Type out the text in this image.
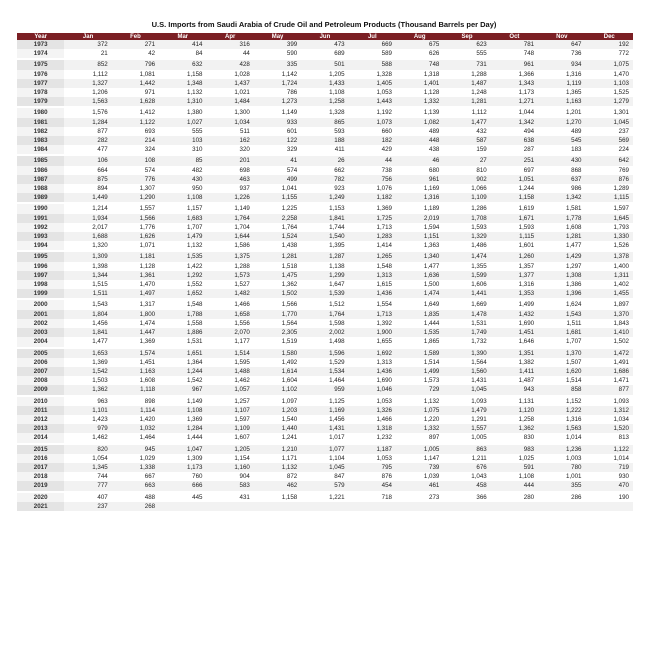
U.S. Imports from Saudi Arabia of Crude Oil and Petroleum Products (Thousand Barrels per Day)
Year	Jan	Feb	Mar	Apr	May	Jun	Jul	Aug	Sep	Oct	Nov	Dec
1973	372	271	414	316	399	473	669	675	623	781	647	192
1974	21	42	84	44	590	689	589	626	555	748	736	772
1975	852	796	632	428	335	501	588	748	731	961	934	1,075
1976	1,112	1,081	1,158	1,028	1,142	1,205	1,328	1,318	1,288	1,366	1,316	1,470
1977	1,327	1,442	1,348	1,437	1,724	1,433	1,405	1,401	1,487	1,343	1,119	1,103
1978	1,206	971	1,132	1,021	786	1,108	1,053	1,128	1,248	1,173	1,365	1,525
1979	1,563	1,628	1,310	1,484	1,273	1,258	1,443	1,332	1,281	1,271	1,163	1,279
1980	1,576	1,412	1,380	1,300	1,149	1,328	1,192	1,139	1,112	1,044	1,201	1,301
1981	1,284	1,122	1,027	1,034	933	865	1,073	1,082	1,477	1,342	1,270	1,045
1982	877	693	555	511	601	593	660	489	432	494	489	237
1983	282	214	103	162	122	188	182	448	587	638	545	569
1984	477	324	310	320	329	411	429	438	159	287	183	224
1985	106	108	85	201	41	26	44	46	27	251	430	642
1986	664	574	482	698	574	662	738	680	810	697	868	769
1987	875	776	430	463	499	782	756	961	902	1,051	637	876
1988	894	1,307	950	937	1,041	923	1,076	1,169	1,066	1,244	986	1,289
1989	1,449	1,290	1,108	1,226	1,155	1,249	1,182	1,316	1,109	1,158	1,342	1,115
1990	1,214	1,557	1,157	1,149	1,225	1,153	1,369	1,189	1,286	1,619	1,581	1,597
1991	1,934	1,566	1,683	1,764	2,258	1,841	1,725	2,019	1,708	1,671	1,778	1,645
1992	2,017	1,776	1,707	1,704	1,764	1,744	1,713	1,594	1,593	1,593	1,608	1,793
1993	1,688	1,626	1,479	1,644	1,524	1,540	1,283	1,151	1,329	1,115	1,281	1,330
1994	1,320	1,071	1,132	1,586	1,438	1,395	1,414	1,363	1,486	1,601	1,477	1,526
1995	1,309	1,181	1,535	1,375	1,281	1,287	1,265	1,340	1,474	1,260	1,429	1,378
1996	1,398	1,128	1,422	1,288	1,518	1,138	1,548	1,477	1,355	1,357	1,297	1,400
1997	1,344	1,361	1,292	1,573	1,475	1,299	1,313	1,636	1,599	1,377	1,308	1,311
1998	1,515	1,470	1,552	1,527	1,362	1,647	1,615	1,500	1,606	1,316	1,386	1,402
1999	1,511	1,497	1,652	1,482	1,502	1,539	1,436	1,474	1,441	1,353	1,396	1,455
2000	1,543	1,317	1,548	1,466	1,566	1,512	1,554	1,649	1,669	1,499	1,624	1,897
2001	1,804	1,800	1,788	1,658	1,770	1,764	1,713	1,835	1,478	1,432	1,543	1,370
2002	1,456	1,474	1,558	1,556	1,564	1,598	1,392	1,444	1,531	1,690	1,511	1,843
2003	1,841	1,447	1,886	2,070	2,305	2,002	1,900	1,535	1,749	1,451	1,681	1,410
2004	1,477	1,369	1,531	1,177	1,519	1,498	1,655	1,865	1,732	1,646	1,707	1,502
2005	1,653	1,574	1,651	1,514	1,580	1,596	1,692	1,589	1,390	1,351	1,370	1,472
2006	1,369	1,451	1,364	1,595	1,492	1,529	1,313	1,514	1,564	1,382	1,507	1,491
2007	1,542	1,163	1,244	1,488	1,614	1,534	1,436	1,499	1,560	1,411	1,620	1,686
2008	1,503	1,608	1,542	1,462	1,604	1,464	1,690	1,573	1,431	1,487	1,514	1,471
2009	1,362	1,118	967	1,057	1,102	959	1,046	729	1,045	943	858	877
2010	963	898	1,149	1,257	1,097	1,125	1,053	1,132	1,093	1,131	1,152	1,093
2011	1,101	1,114	1,108	1,107	1,203	1,169	1,326	1,075	1,479	1,120	1,222	1,312
2012	1,423	1,420	1,369	1,597	1,540	1,456	1,466	1,220	1,291	1,258	1,316	1,034
2013	979	1,032	1,284	1,109	1,440	1,431	1,318	1,332	1,557	1,362	1,563	1,520
2014	1,462	1,464	1,444	1,607	1,241	1,017	1,232	897	1,005	830	1,014	813
2015	820	945	1,047	1,205	1,210	1,077	1,187	1,005	863	983	1,236	1,122
2016	1,054	1,029	1,309	1,154	1,171	1,104	1,053	1,147	1,211	1,025	1,003	1,014
2017	1,345	1,338	1,173	1,160	1,132	1,045	795	739	676	591	780	719
2018	744	667	760	904	872	847	876	1,039	1,043	1,108	1,001	930
2019	777	663	666	583	462	579	454	461	458	444	355	470
2020	407	488	445	431	1,158	1,221	718	273	366	280	286	190
2021	237	268										
